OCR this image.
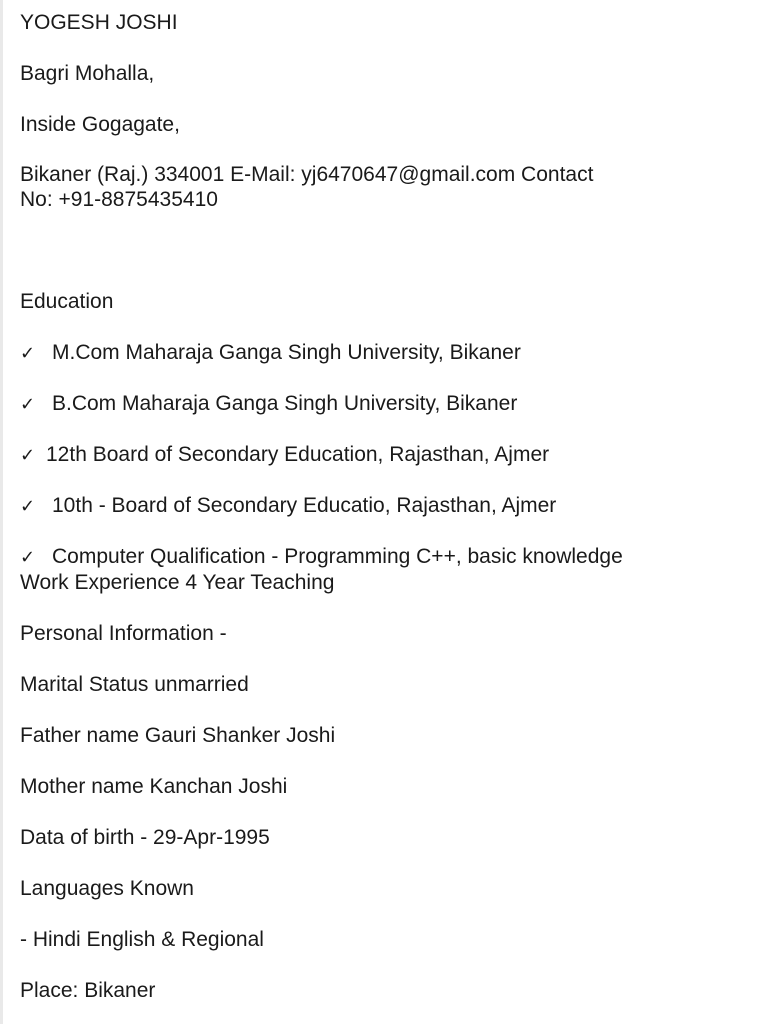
YOGESH JOSHI
Bagri Mohalla,
Inside Gogagate,
Bikaner (Raj.) 334001 E-Mail: yj6470647@gmail.com Contact
No: +91-8875435410
Education
✓ M.Com Maharaja Ganga Singh University, Bikaner
✓ B.Com Maharaja Ganga Singh University, Bikaner
✓ 12th Board of Secondary Education, Rajasthan, Ajmer
✓ 10th - Board of Secondary Educatio, Rajasthan, Ajmer
✓ Computer Qualification - Programming C++, basic knowledge
Work Experience 4 Year Teaching
Personal Information -
Marital Status unmarried
Father name Gauri Shanker Joshi
Mother name Kanchan Joshi
Data of birth - 29-Apr-1995
Languages Known
- Hindi English & Regional
Place: Bikaner
